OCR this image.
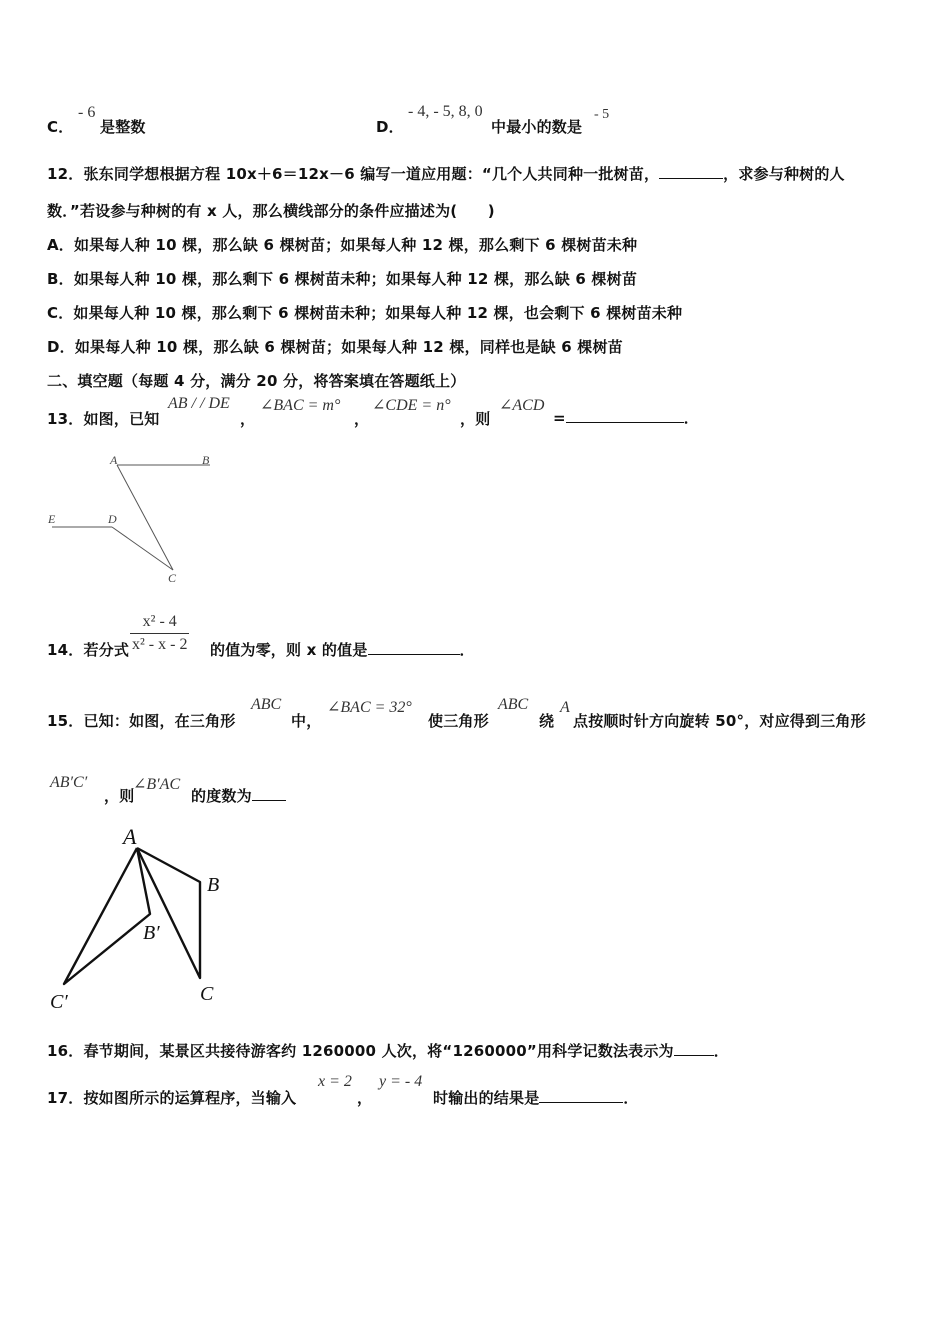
C．
- 6
是整数	D．
- 4, - 5, 8, 0
中最小的数是
- 5
12．张东同学想根据方程 10x＋6＝12x－6 编写一道应用题：“几个人共同种一批树苗，	，求参与种树的人
数．”若设参与种树的有 x 人，那么横线部分的条件应描述为(　　)
A．如果每人种 10 棵，那么缺 6 棵树苗；如果每人种 12 棵，那么剩下 6 棵树苗未种
B．如果每人种 10 棵，那么剩下 6 棵树苗未种；如果每人种 12 棵，那么缺 6 棵树苗
C．如果每人种 10 棵，那么剩下 6 棵树苗未种；如果每人种 12 棵，也会剩下 6 棵树苗未种
D．如果每人种 10 棵，那么缺 6 棵树苗；如果每人种 12 棵，同样也是缺 6 棵树苗
二、填空题（每题 4 分，满分 20 分，将答案填在答题纸上）
13．如图，已知
AB / / DE
，
∠BAC = m°
，
∠CDE = n°
，则
∠ACD
=	．
A	B
E	D
C
14．若分式
x² - 4
x² - x - 2 的值为零，则 x 的值是	．
15．已知：如图，在三角形
ABC
中，
∠BAC = 32°
使三角形
ABC
绕
A
点按顺时针方向旋转 50°，对应得到三角形
AB′C′
，则
∠B′AC
的度数为
A
B
B′
C
C′
16．春节期间，某景区共接待游客约 1260000 人次，将“1260000”用科学记数法表示为	．
17．按如图所示的运算程序，当输入
x = 2
，
y = - 4
时输出的结果是	．
